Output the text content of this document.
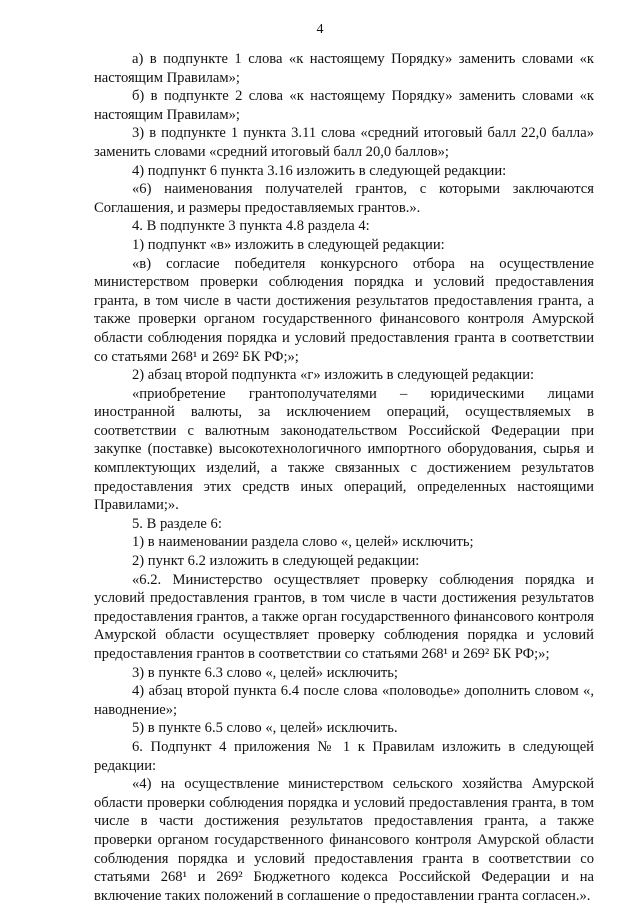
4

а) в подпункте 1 слова «к настоящему Порядку» заменить словами «к настоящим Правилам»;

б) в подпункте 2 слова «к настоящему Порядку» заменить словами «к настоящим Правилам»;

3) в подпункте 1 пункта 3.11 слова «средний итоговый балл 22,0 балла» заменить словами «средний итоговый балл 20,0 баллов»;

4) подпункт 6 пункта 3.16 изложить в следующей редакции:

«6) наименования получателей грантов, с которыми заключаются Соглашения, и размеры предоставляемых грантов.».

4. В подпункте 3 пункта 4.8 раздела 4:

1) подпункт «в» изложить в следующей редакции:

«в) согласие победителя конкурсного отбора на осуществление министерством проверки соблюдения порядка и условий предоставления гранта, в том числе в части достижения результатов предоставления гранта, а также проверки органом государственного финансового контроля Амурской области соблюдения порядка и условий предоставления гранта в соответствии со статьями 268¹ и 269² БК РФ;»;

2) абзац второй подпункта «г» изложить в следующей редакции:

«приобретение грантополучателями – юридическими лицами иностранной валюты, за исключением операций, осуществляемых в соответствии с валютным законодательством Российской Федерации при закупке (поставке) высокотехнологичного импортного оборудования, сырья и комплектующих изделий, а также связанных с достижением результатов предоставления этих средств иных операций, определенных настоящими Правилами;».

5. В разделе 6:

1) в наименовании раздела слово «, целей» исключить;

2) пункт 6.2 изложить в следующей редакции:

«6.2. Министерство осуществляет проверку соблюдения порядка и условий предоставления грантов, в том числе в части достижения результатов предоставления грантов, а также орган государственного финансового контроля Амурской области осуществляет проверку соблюдения порядка и условий предоставления грантов в соответствии со статьями 268¹ и 269² БК РФ;»;

3) в пункте 6.3 слово «, целей» исключить;

4) абзац второй пункта 6.4 после слова «половодье» дополнить словом «, наводнение»;

5) в пункте 6.5 слово «, целей» исключить.

6. Подпункт 4 приложения № 1 к Правилам изложить в следующей редакции:

«4) на осуществление министерством сельского хозяйства Амурской области проверки соблюдения порядка и условий предоставления гранта, в том числе в части достижения результатов предоставления гранта, а также проверки органом государственного финансового контроля Амурской области соблюдения порядка и условий предоставления гранта в соответствии со статьями 268¹ и 269² Бюджетного кодекса Российской Федерации и на включение таких положений в соглашение о предоставлении гранта согласен.».
